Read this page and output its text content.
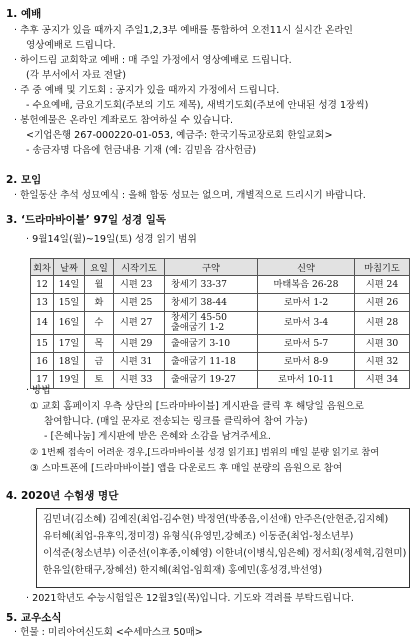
1. 예배
· 추후 공지가 있을 때까지 주일1,2,3부 예배를 통합하여 오전11시 실시간 온라인
영상예배로 드립니다.
· 하이드림 교회학교 예배 : 매 주일 가정에서 영상예배로 드립니다.
(각 부서에서 자료 전달)
· 주 중 예배 및 기도회 : 공지가 있을 때까지 가정에서 드립니다.
- 수요예배, 금요기도회(주보의 기도 제목), 새벽기도회(주보에 안내된 성경 1장씩)
· 봉헌예물은 온라인 계좌로도 참여하실 수 있습니다.
<기업은행 267-000220-01-053, 예금주: 한국기독교장로회 한일교회>
- 송금자명 다음에 헌금내용 기재 (예: 김믿음 감사헌금)
2. 모임
· 한일동산 추석 성묘예식 : 올해 합동 성묘는 없으며, 개별적으로 드리시기 바랍니다.
3. ‘드라마바이블’ 97일 성경 일독
· 9월14일(월)~19일(토) 성경 읽기 범위
회차	날짜	요일	시작기도	구약	신약	마침기도
12	14일	월	시편 23	창세기 33-37	마태복음 26-28	시편 24
13	15일	화	시편 25	창세기 38-44	로마서 1-2	시편 26
14	16일	수	시편 27	창세기 45-50
출애굽기 1-2	로마서 3-4	시편 28
15	17일	목	시편 29	출애굽기 3-10	로마서 5-7	시편 30
16	18일	금	시편 31	출애굽기 11-18	로마서 8-9	시편 32
17	19일	토	시편 33	출애굽기 19-27	로마서 10-11	시편 34
· 방법
① 교회 홈페이지 우측 상단의 [드라마바이블] 게시판을 클릭 후 해당일 음원으로
참여합니다. (매일 문자로 전송되는 링크를 클릭하여 참여 가능)
- [은혜나눔] 게시판에 받은 은혜와 소감을 남겨주세요.
② 1번째 접속이 어려운 경우,[드라마바이블 성경 읽기표] 범위의 매일 분량 읽기로 참여
③ 스마트폰에 [드라마바이블] 앱을 다운로드 후 매일 분량의 음원으로 참여
4. 2020년 수험생 명단
김민녀(김소혜) 김예진(최업-김수현) 박정연(박종음,이선애) 안주은(안현준,김지혜)
유터혜(최업-유후익,정미경) 유형식(유영민,강혜조) 이동준(최업-청소년부)
이석준(청소년부) 이준선(이후종,이혜영) 이한녀(이병식,임은혜) 정서희(정세혁,김현미)
한유일(한태구,장혜선) 한지혜(최업-임희재) 홍예민(홍성경,박선영)
· 2021학년도 수능시험일은 12월3일(목)입니다. 기도와 격려를 부탁드립니다.
5. 교우소식
· 헌물 : 미리아여신도회 <수세마스크 50매>
